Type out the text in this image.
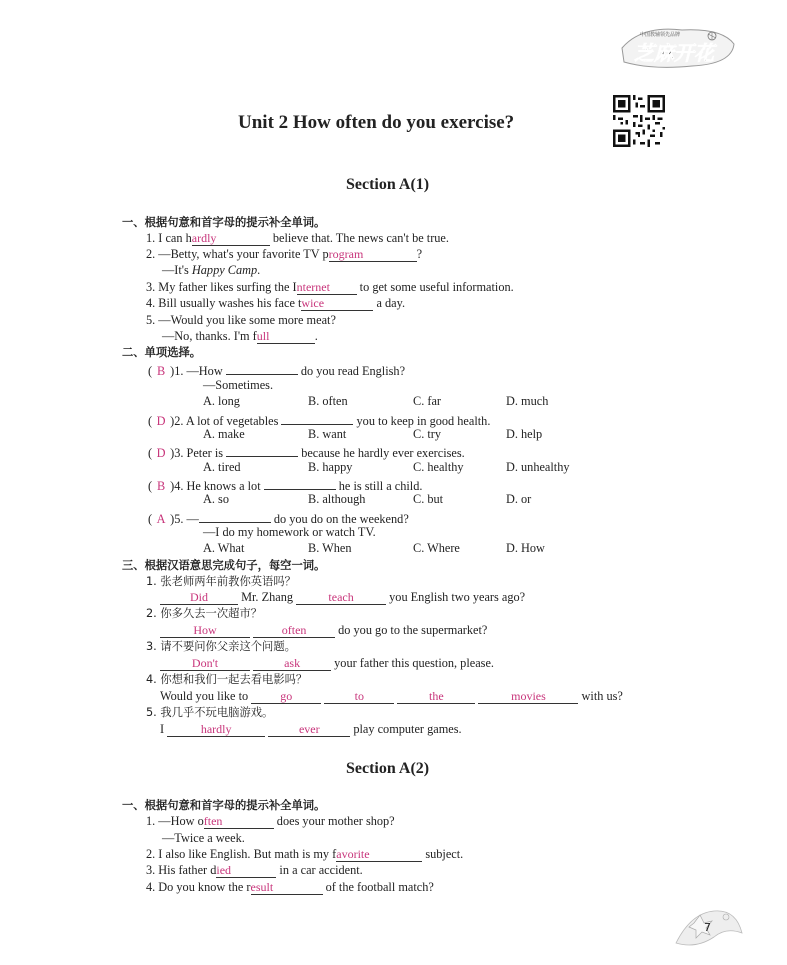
中国教辅领先品牌
芝麻开花
Unit 2 How often do you exercise?
Section A(1)
一、根据句意和首字母的提示补全单词。
1. I can hardly	believe that. The news can't be true.
2. —Betty, what's your favorite TV program	?
—It's Happy Camp.
3. My father likes surfing the Internet to get some useful information.
4. Bill usually washes his face twice	a day.
5. —Would you like some more meat?
—No, thanks. I'm full	.
二、单项选择。
( B )1. —How	do you read English?
—Sometimes.
A. long	B. often	C. far	D. much
( D )2. A lot of vegetables	you to keep in good health.
A. make	B. want	C. try	D. help
( D )3. Peter is	because he hardly ever exercises.
A. tired	B. happy	C. healthy	D. unhealthy
( B )4. He knows a lot	he is still a child.
A. so	B. although	C. but	D. or
( A )5. —	do you do on the weekend?
—I do my homework or watch TV.
A. What	B. When	C. Where	D. How
三、根据汉语意思完成句子，每空一词。
1. 张老师两年前教你英语吗？
Did	Mr. Zhang	teach	you English two years ago?
2. 你多久去一次超市？
How	often	do you go to the supermarket?
3. 请不要问你父亲这个问题。
Don't	ask	your father this question, please.
4. 你想和我们一起去看电影吗？
Would you like to	go	to	the	movies	with us?
5. 我几乎不玩电脑游戏。
I	hardly	ever	play computer games.
Section A(2)
一、根据句意和首字母的提示补全单词。
1. —How often	does your mother shop?
—Twice a week.
2. I also like English. But math is my favorite	subject.
3. His father died	in a car accident.
4. Do you know the result	of the football match?
7
